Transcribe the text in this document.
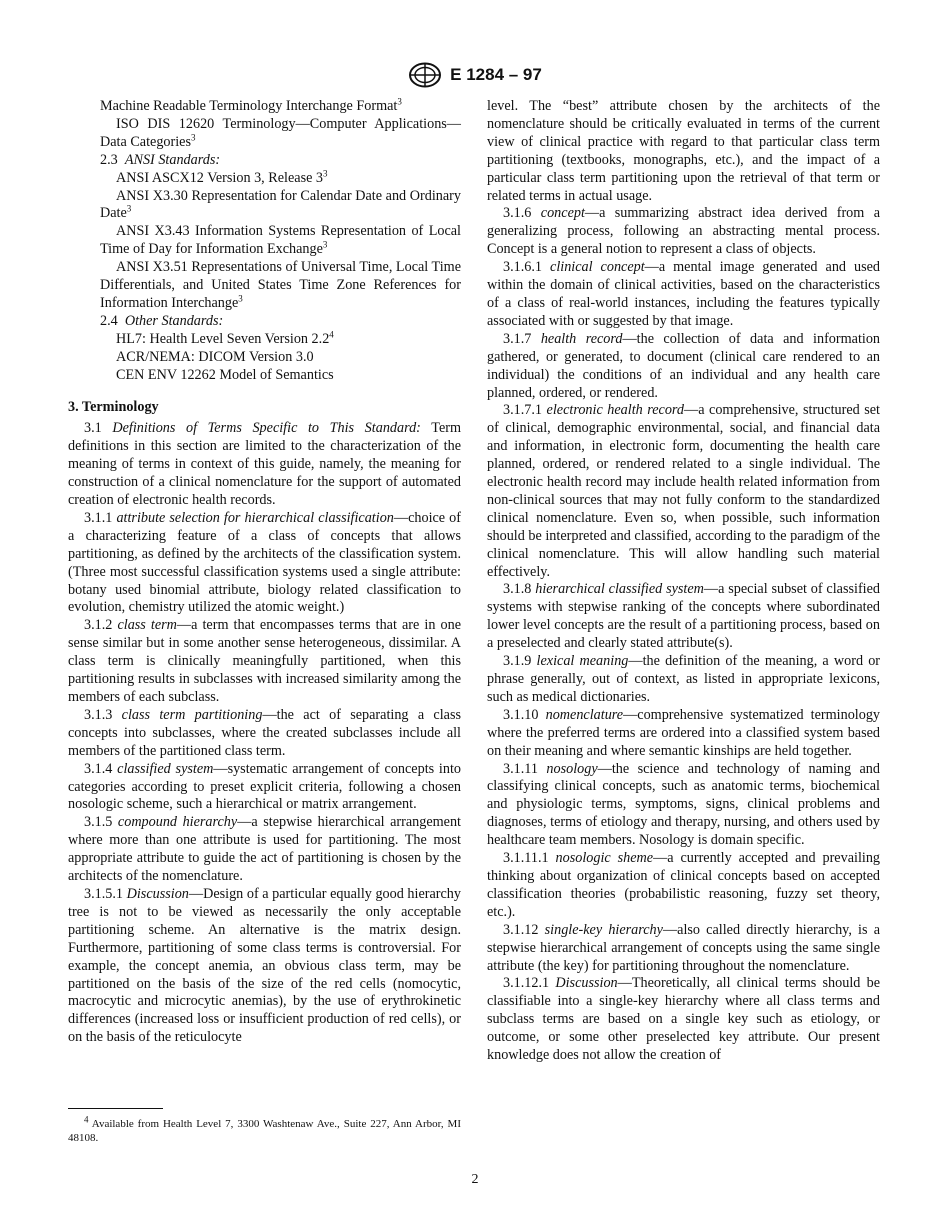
E 1284 – 97

Machine Readable Terminology Interchange Format$^3$

ISO DIS 12620 Terminology—Computer Applications—Data Categories$^3$

2.3 ANSI Standards:

ANSI ASCX12 Version 3, Release $3^3$

ANSI X3.30 Representation for Calendar Date and Ordinary Date$^3$

ANSI X3.43 Information Systems Representation of Local Time of Day for Information Exchange$^3$

ANSI X3.51 Representations of Universal Time, Local Time Differentials, and United States Time Zone References for Information Interchange$^3$

2.4 Other Standards:

HL7: Health Level Seven Version $2.2^4$

ACR/NEMA: DICOM Version 3.0

CEN ENV 12262 Model of Semantics

3. Terminology

3.1 Definitions of Terms Specific to This Standard: Term definitions in this section are limited to the characterization of the meaning of terms in context of this guide, namely, the meaning for construction of a clinical nomenclature for the support of automated creation of electronic health records.

3.1.1 attribute selection for hierarchical classification—choice of a characterizing feature of a class of concepts that allows partitioning, as defined by the architects of the classification system. (Three most successful classification systems used a single attribute: botany used binomial attribute, biology related classification to evolution, chemistry utilized the atomic weight.)

3.1.2 class term—a term that encompasses terms that are in one sense similar but in some another sense heterogeneous, dissimilar. A class term is clinically meaningfully partitioned, when this partitioning results in subclasses with increased similarity among the members of each subclass.

3.1.3 class term partitioning—the act of separating a class concepts into subclasses, where the created subclasses include all members of the partitioned class term.

3.1.4 classified system—systematic arrangement of concepts into categories according to preset explicit criteria, following a chosen nosologic scheme, such a hierarchical or matrix arrangement.

3.1.5 compound hierarchy—a stepwise hierarchical arrangement where more than one attribute is used for partitioning. The most appropriate attribute to guide the act of partitioning is chosen by the architects of the nomenclature.

3.1.5.1 Discussion—Design of a particular equally good hierarchy tree is not to be viewed as necessarily the only acceptable partitioning scheme. An alternative is the matrix design. Furthermore, partitioning of some class terms is controversial. For example, the concept anemia, an obvious class term, may be partitioned on the basis of the size of the red cells (nomocytic, macrocytic and microcytic anemias), by the use of erythrokinetic differences (increased loss or insufficient production of red cells), or on the basis of the reticulocyte

$^4$ Available from Health Level 7, 3300 Washtenaw Ave., Suite 227, Ann Arbor, MI 48108.

level. The “best” attribute chosen by the architects of the nomenclature should be critically evaluated in terms of the current view of clinical practice with regard to that particular class term partitioning (textbooks, monographs, etc.), and the impact of a particular class term partitioning upon the retrieval of that term or related terms in actual usage.

3.1.6 concept—a summarizing abstract idea derived from a generalizing process, following an abstracting mental process. Concept is a general notion to represent a class of objects.

3.1.6.1 clinical concept—a mental image generated and used within the domain of clinical activities, based on the characteristics of a class of real-world instances, including the features typically associated with or suggested by that image.

3.1.7 health record—the collection of data and information gathered, or generated, to document (clinical care rendered to an individual) the conditions of an individual and any health care planned, ordered, or rendered.

3.1.7.1 electronic health record—a comprehensive, structured set of clinical, demographic environmental, social, and financial data and information, in electronic form, documenting the health care planned, ordered, or rendered related to a single individual. The electronic health record may include health related information from non-clinical sources that may not fully conform to the standardized clinical nomenclature. Even so, when possible, such information should be interpreted and classified, according to the paradigm of the clinical nomenclature. This will allow handling such material effectively.

3.1.8 hierarchical classified system—a special subset of classified systems with stepwise ranking of the concepts where subordinated lower level concepts are the result of a partitioning process, based on a preselected and clearly stated attribute(s).

3.1.9 lexical meaning—the definition of the meaning, a word or phrase generally, out of context, as listed in appropriate lexicons, such as medical dictionaries.

3.1.10 nomenclature—comprehensive systematized terminology where the preferred terms are ordered into a classified system based on their meaning and where semantic kinships are held together.

3.1.11 nosology—the science and technology of naming and classifying clinical concepts, such as anatomic terms, biochemical and physiologic terms, symptoms, signs, clinical problems and diagnoses, terms of etiology and therapy, nursing, and others used by healthcare team members. Nosology is domain specific.

3.1.11.1 nosologic sheme—a currently accepted and prevailing thinking about organization of clinical concepts based on accepted classification theories (probabilistic reasoning, fuzzy set theory, etc.).

3.1.12 single-key hierarchy—also called directly hierarchy, is a stepwise hierarchical arrangement of concepts using the same single attribute (the key) for partitioning throughout the nomenclature.

3.1.12.1 Discussion—Theoretically, all clinical terms should be classifiable into a single-key hierarchy where all class terms and subclass terms are based on a single key such as etiology, or outcome, or some other preselected key attribute. Our present knowledge does not allow the creation of

2
